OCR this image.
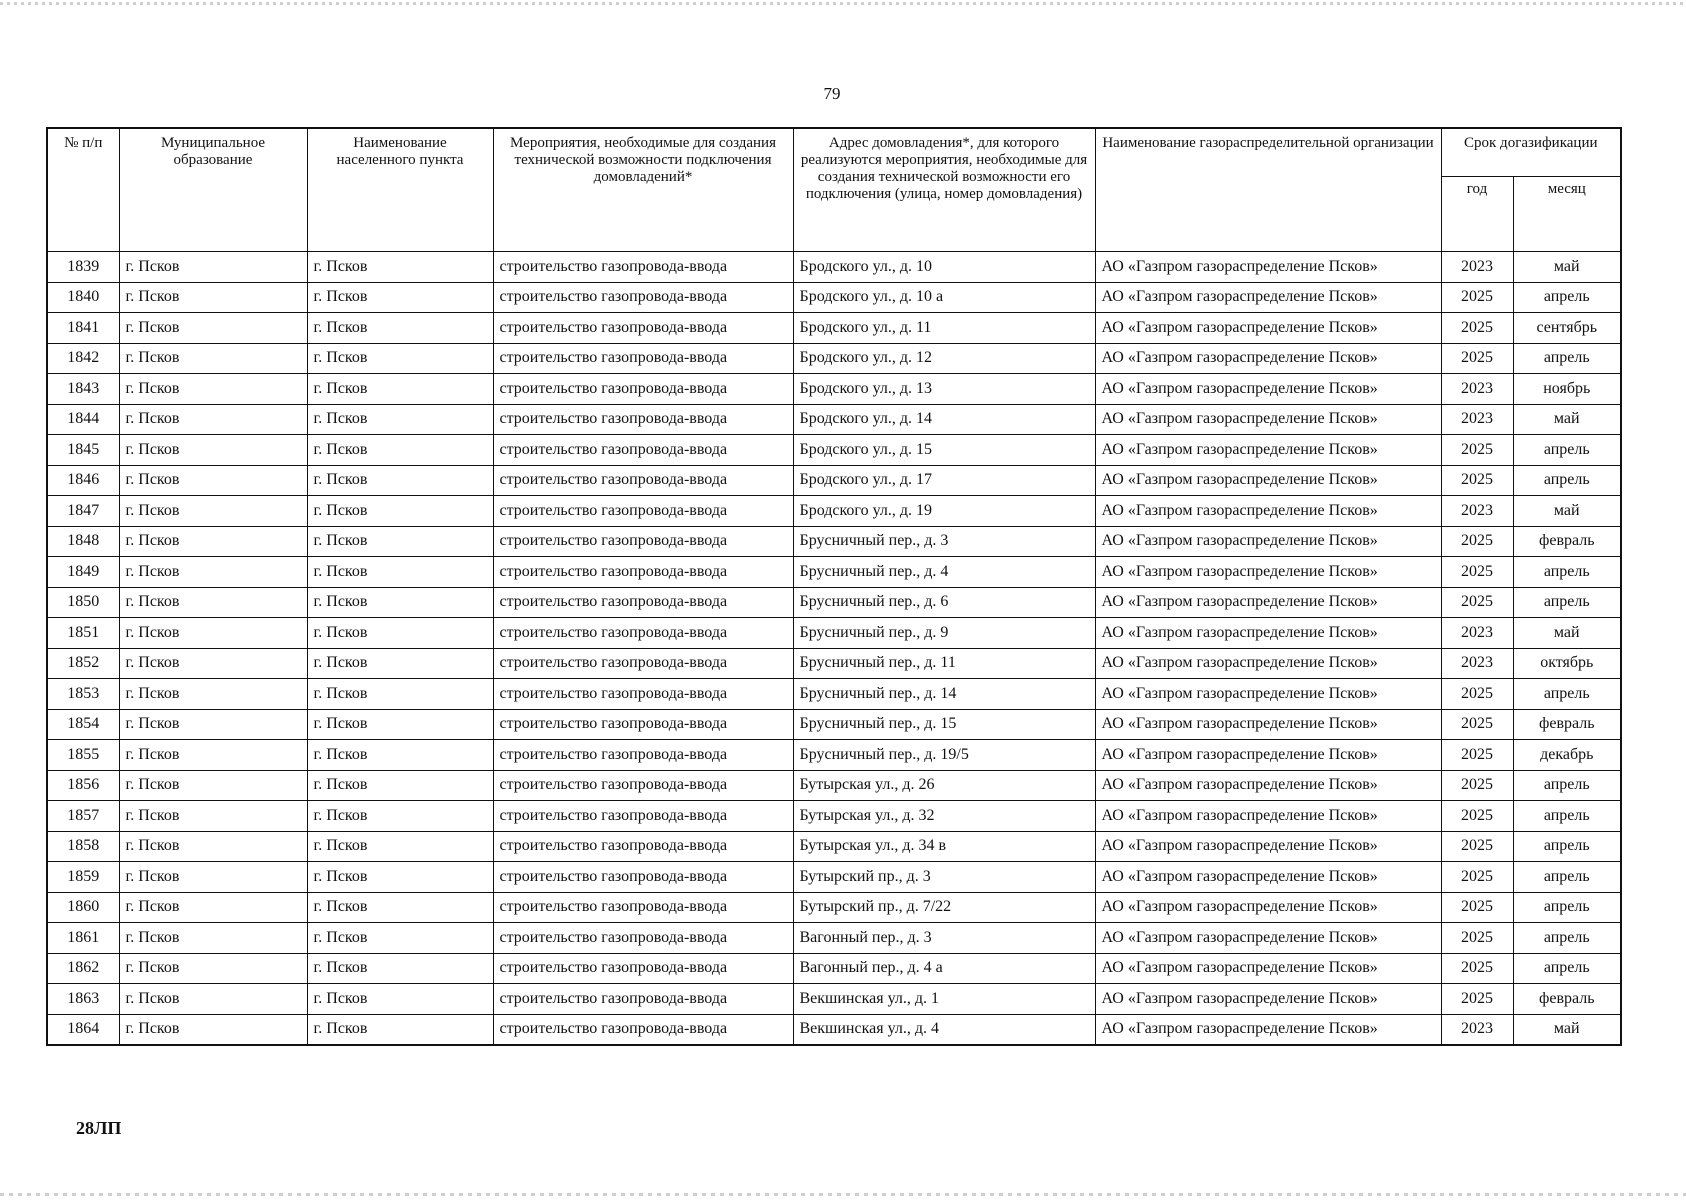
79
№ п/п	Муниципальное образование	Наименование населенного пункта	Мероприятия, необходимые для создания технической возможности подключения домовладений*	Адрес домовладения*, для которого реализуются мероприятия, необходимые для создания технической возможности его подключения (улица, номер домовладения)	Наименование газораспределительной организации	Срок догазификации	
						год	месяц
1839	г. Псков	г. Псков	строительство газопровода-ввода	Бродского ул., д. 10	АО «Газпром газораспределение Псков»	2023	май
1840	г. Псков	г. Псков	строительство газопровода-ввода	Бродского ул., д. 10 а	АО «Газпром газораспределение Псков»	2025	апрель
1841	г. Псков	г. Псков	строительство газопровода-ввода	Бродского ул., д. 11	АО «Газпром газораспределение Псков»	2025	сентябрь
1842	г. Псков	г. Псков	строительство газопровода-ввода	Бродского ул., д. 12	АО «Газпром газораспределение Псков»	2025	апрель
1843	г. Псков	г. Псков	строительство газопровода-ввода	Бродского ул., д. 13	АО «Газпром газораспределение Псков»	2023	ноябрь
1844	г. Псков	г. Псков	строительство газопровода-ввода	Бродского ул., д. 14	АО «Газпром газораспределение Псков»	2023	май
1845	г. Псков	г. Псков	строительство газопровода-ввода	Бродского ул., д. 15	АО «Газпром газораспределение Псков»	2025	апрель
1846	г. Псков	г. Псков	строительство газопровода-ввода	Бродского ул., д. 17	АО «Газпром газораспределение Псков»	2025	апрель
1847	г. Псков	г. Псков	строительство газопровода-ввода	Бродского ул., д. 19	АО «Газпром газораспределение Псков»	2023	май
1848	г. Псков	г. Псков	строительство газопровода-ввода	Брусничный пер., д. 3	АО «Газпром газораспределение Псков»	2025	февраль
1849	г. Псков	г. Псков	строительство газопровода-ввода	Брусничный пер., д. 4	АО «Газпром газораспределение Псков»	2025	апрель
1850	г. Псков	г. Псков	строительство газопровода-ввода	Брусничный пер., д. 6	АО «Газпром газораспределение Псков»	2025	апрель
1851	г. Псков	г. Псков	строительство газопровода-ввода	Брусничный пер., д. 9	АО «Газпром газораспределение Псков»	2023	май
1852	г. Псков	г. Псков	строительство газопровода-ввода	Брусничный пер., д. 11	АО «Газпром газораспределение Псков»	2023	октябрь
1853	г. Псков	г. Псков	строительство газопровода-ввода	Брусничный пер., д. 14	АО «Газпром газораспределение Псков»	2025	апрель
1854	г. Псков	г. Псков	строительство газопровода-ввода	Брусничный пер., д. 15	АО «Газпром газораспределение Псков»	2025	февраль
1855	г. Псков	г. Псков	строительство газопровода-ввода	Брусничный пер., д. 19/5	АО «Газпром газораспределение Псков»	2025	декабрь
1856	г. Псков	г. Псков	строительство газопровода-ввода	Бутырская ул., д. 26	АО «Газпром газораспределение Псков»	2025	апрель
1857	г. Псков	г. Псков	строительство газопровода-ввода	Бутырская ул., д. 32	АО «Газпром газораспределение Псков»	2025	апрель
1858	г. Псков	г. Псков	строительство газопровода-ввода	Бутырская ул., д. 34 в	АО «Газпром газораспределение Псков»	2025	апрель
1859	г. Псков	г. Псков	строительство газопровода-ввода	Бутырский пр., д. 3	АО «Газпром газораспределение Псков»	2025	апрель
1860	г. Псков	г. Псков	строительство газопровода-ввода	Бутырский пр., д. 7/22	АО «Газпром газораспределение Псков»	2025	апрель
1861	г. Псков	г. Псков	строительство газопровода-ввода	Вагонный пер., д. 3	АО «Газпром газораспределение Псков»	2025	апрель
1862	г. Псков	г. Псков	строительство газопровода-ввода	Вагонный пер., д. 4 а	АО «Газпром газораспределение Псков»	2025	апрель
1863	г. Псков	г. Псков	строительство газопровода-ввода	Векшинская ул., д. 1	АО «Газпром газораспределение Псков»	2025	февраль
1864	г. Псков	г. Псков	строительство газопровода-ввода	Векшинская ул., д. 4	АО «Газпром газораспределение Псков»	2023	май
28ЛП
